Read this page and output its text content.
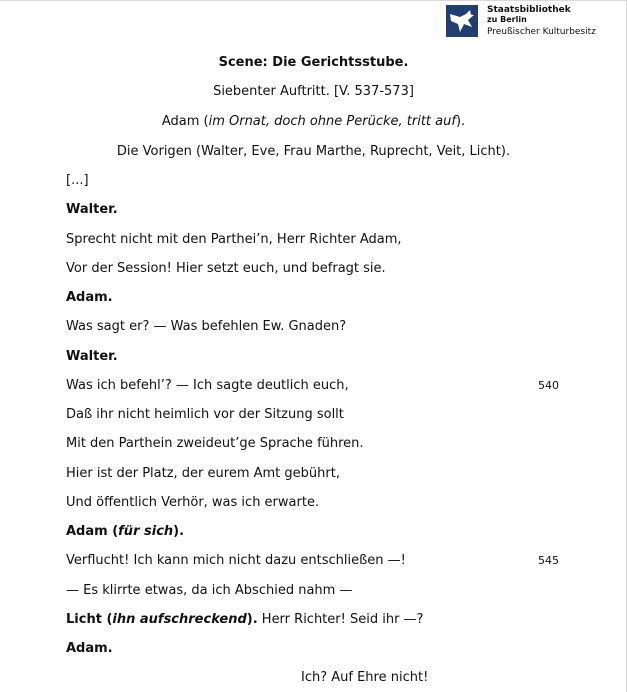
Staatsbibliothek
zu Berlin
Preußischer Kulturbesitz
Scene: Die Gerichtsstube.
Siebenter Auftritt. [V. 537-573]
Adam (im Ornat, doch ohne Perücke, tritt auf).
Die Vorigen (Walter, Eve, Frau Marthe, Ruprecht, Veit, Licht).
[...]
Walter.
Sprecht nicht mit den Parthei’n, Herr Richter Adam,
Vor der Session! Hier setzt euch, und befragt sie.
Adam.
Was sagt er? — Was befehlen Ew. Gnaden?
Walter.
Was ich befehl’? — Ich sagte deutlich euch,	540
Daß ihr nicht heimlich vor der Sitzung sollt
Mit den Parthein zweideut’ge Sprache führen.
Hier ist der Platz, der eurem Amt gebührt,
Und öffentlich Verhör, was ich erwarte.
Adam (für sich).
Verflucht! Ich kann mich nicht dazu entschließen —!	545
— Es klirrte etwas, da ich Abschied nahm —
Licht (ihn aufschreckend). Herr Richter! Seid ihr —?
Adam.
Ich? Auf Ehre nicht!
